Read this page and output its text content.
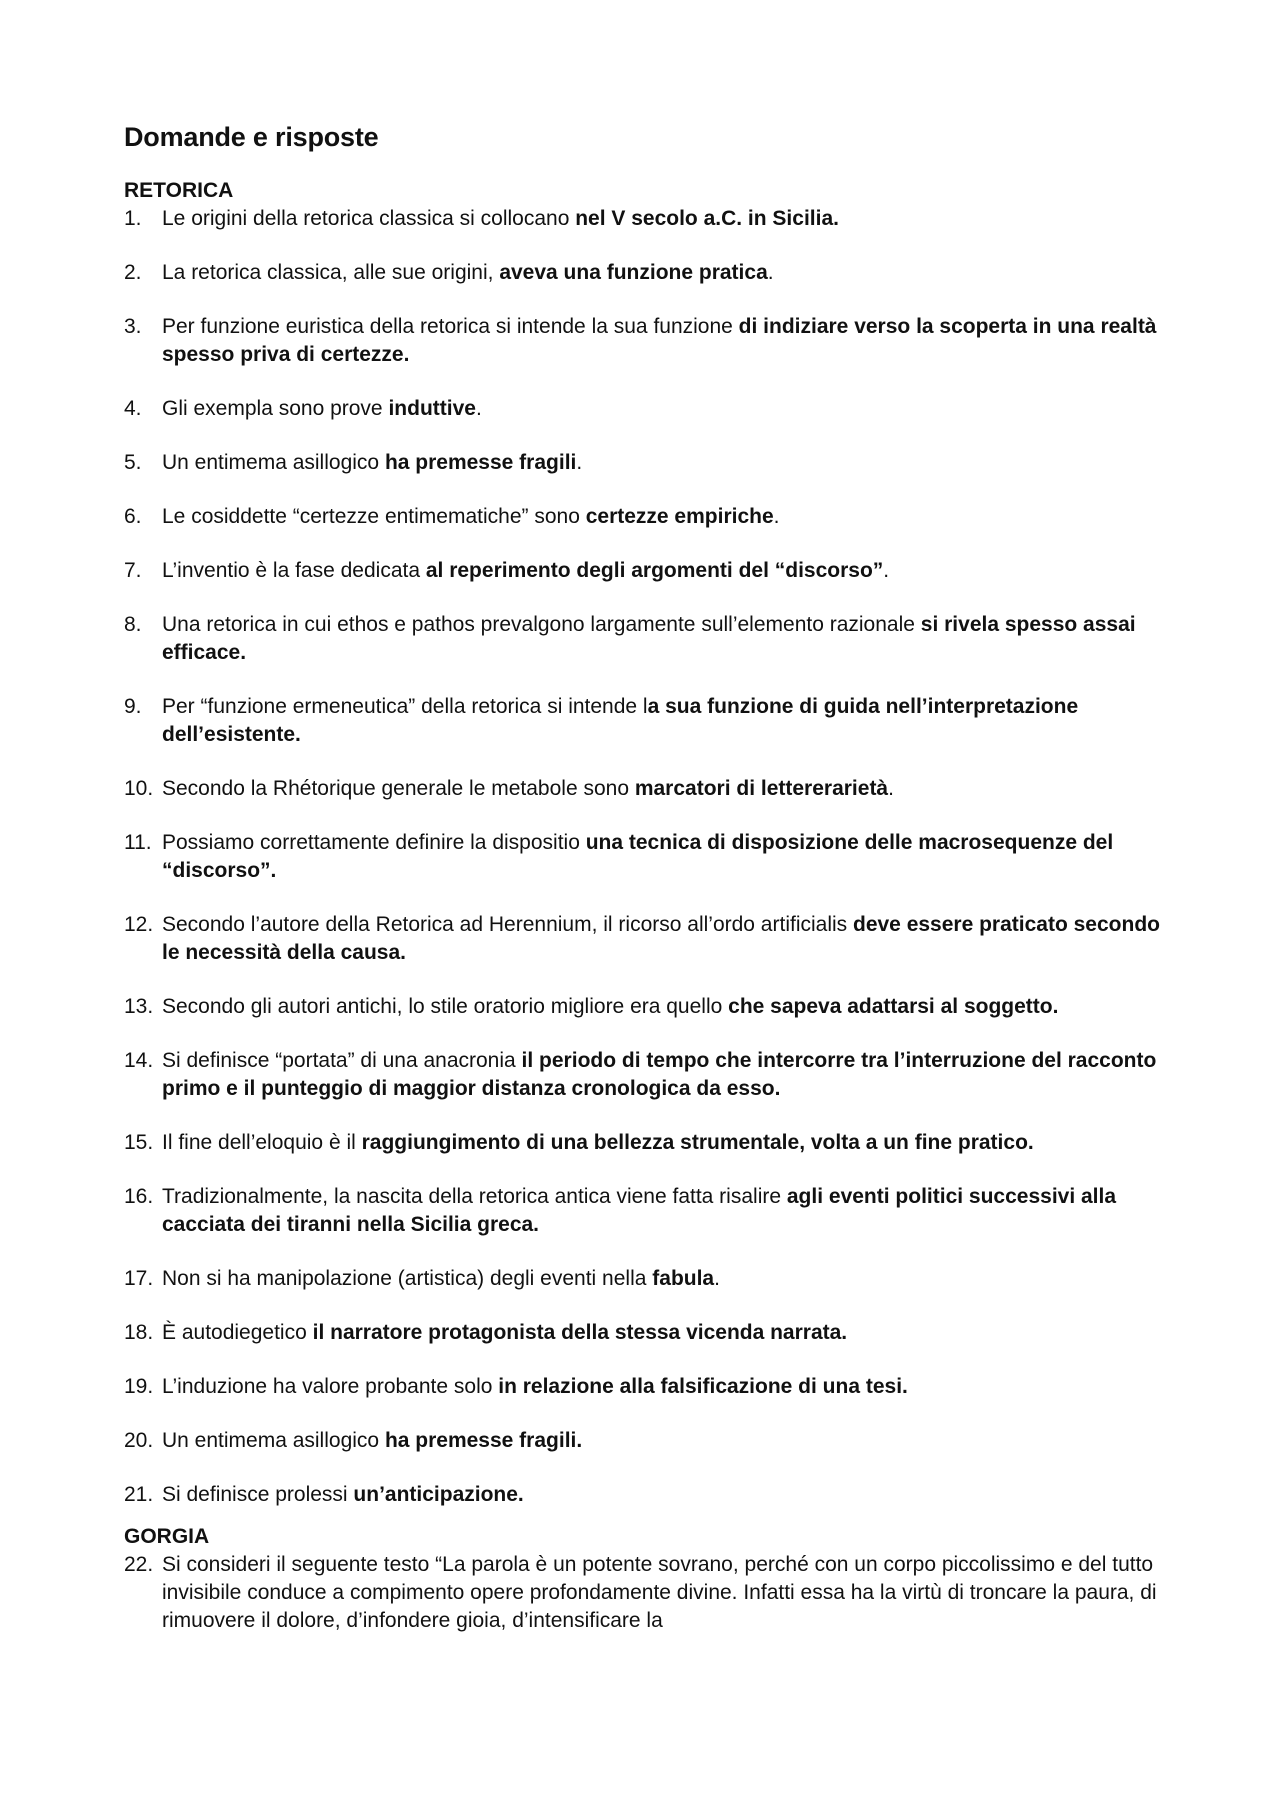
Domande e risposte
RETORICA
1. Le origini della retorica classica si collocano nel V secolo a.C. in Sicilia.
2. La retorica classica, alle sue origini, aveva una funzione pratica.
3. Per funzione euristica della retorica si intende la sua funzione di indiziare verso la scoperta in una realtà spesso priva di certezze.
4. Gli exempla sono prove induttive.
5. Un entimema asillogico ha premesse fragili.
6. Le cosiddette “certezze entimematiche” sono certezze empiriche.
7. L’inventio è la fase dedicata al reperimento degli argomenti del “discorso”.
8. Una retorica in cui ethos e pathos prevalgono largamente sull’elemento razionale si rivela spesso assai efficace.
9. Per “funzione ermeneutica” della retorica si intende la sua funzione di guida nell’interpretazione dell’esistente.
10. Secondo la Rhétorique generale le metabole sono marcatori di lettererarietà.
11. Possiamo correttamente definire la dispositio una tecnica di disposizione delle macrosequenze del “discorso”.
12. Secondo l’autore della Retorica ad Herennium, il ricorso all’ordo artificialis deve essere praticato secondo le necessità della causa.
13. Secondo gli autori antichi, lo stile oratorio migliore era quello che sapeva adattarsi al soggetto.
14. Si definisce “portata” di una anacronia il periodo di tempo che intercorre tra l’interruzione del racconto primo e il punteggio di maggior distanza cronologica da esso.
15. Il fine dell’eloquio è il raggiungimento di una bellezza strumentale, volta a un fine pratico.
16. Tradizionalmente, la nascita della retorica antica viene fatta risalire agli eventi politici successivi alla cacciata dei tiranni nella Sicilia greca.
17. Non si ha manipolazione (artistica) degli eventi nella fabula.
18. È autodiegetico il narratore protagonista della stessa vicenda narrata.
19. L’induzione ha valore probante solo in relazione alla falsificazione di una tesi.
20. Un entimema asillogico ha premesse fragili.
21. Si definisce prolessi un’anticipazione.
GORGIA
22. Si consideri il seguente testo “La parola è un potente sovrano, perché con un corpo piccolissimo e del tutto invisibile conduce a compimento opere profondamente divine. Infatti essa ha la virtù di troncare la paura, di rimuovere il dolore, d’infondere gioia, d’intensificare la
